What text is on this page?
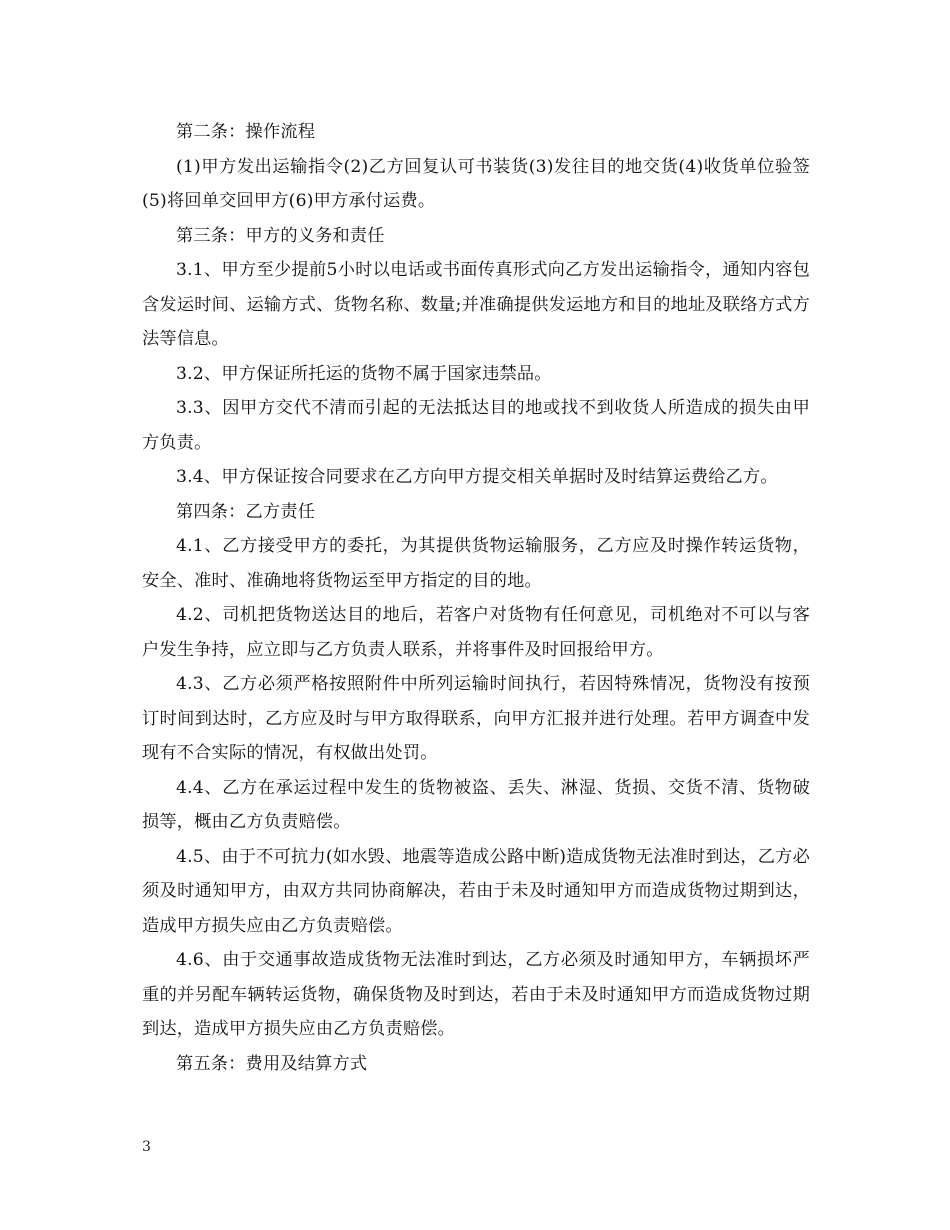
第二条：操作流程

(1)甲方发出运输指令(2)乙方回复认可书装货(3)发往目的地交货(4)收货单位验签(5)将回单交回甲方(6)甲方承付运费。

第三条：甲方的义务和责任

3.1、甲方至少提前5小时以电话或书面传真形式向乙方发出运输指令，通知内容包含发运时间、运输方式、货物名称、数量;并准确提供发运地方和目的地址及联络方式方法等信息。

3.2、甲方保证所托运的货物不属于国家违禁品。

3.3、因甲方交代不清而引起的无法抵达目的地或找不到收货人所造成的损失由甲方负责。

3.4、甲方保证按合同要求在乙方向甲方提交相关单据时及时结算运费给乙方。

第四条：乙方责任

4.1、乙方接受甲方的委托，为其提供货物运输服务，乙方应及时操作转运货物，安全、准时、准确地将货物运至甲方指定的目的地。

4.2、司机把货物送达目的地后，若客户对货物有任何意见，司机绝对不可以与客户发生争持，应立即与乙方负责人联系，并将事件及时回报给甲方。

4.3、乙方必须严格按照附件中所列运输时间执行，若因特殊情况，货物没有按预订时间到达时，乙方应及时与甲方取得联系，向甲方汇报并进行处理。若甲方调查中发现有不合实际的情况，有权做出处罚。

4.4、乙方在承运过程中发生的货物被盗、丢失、淋湿、货损、交货不清、货物破损等，概由乙方负责赔偿。

4.5、由于不可抗力(如水毁、地震等造成公路中断)造成货物无法准时到达，乙方必须及时通知甲方，由双方共同协商解决，若由于未及时通知甲方而造成货物过期到达，造成甲方损失应由乙方负责赔偿。

4.6、由于交通事故造成货物无法准时到达，乙方必须及时通知甲方，车辆损坏严重的并另配车辆转运货物，确保货物及时到达，若由于未及时通知甲方而造成货物过期到达，造成甲方损失应由乙方负责赔偿。

第五条：费用及结算方式

3
